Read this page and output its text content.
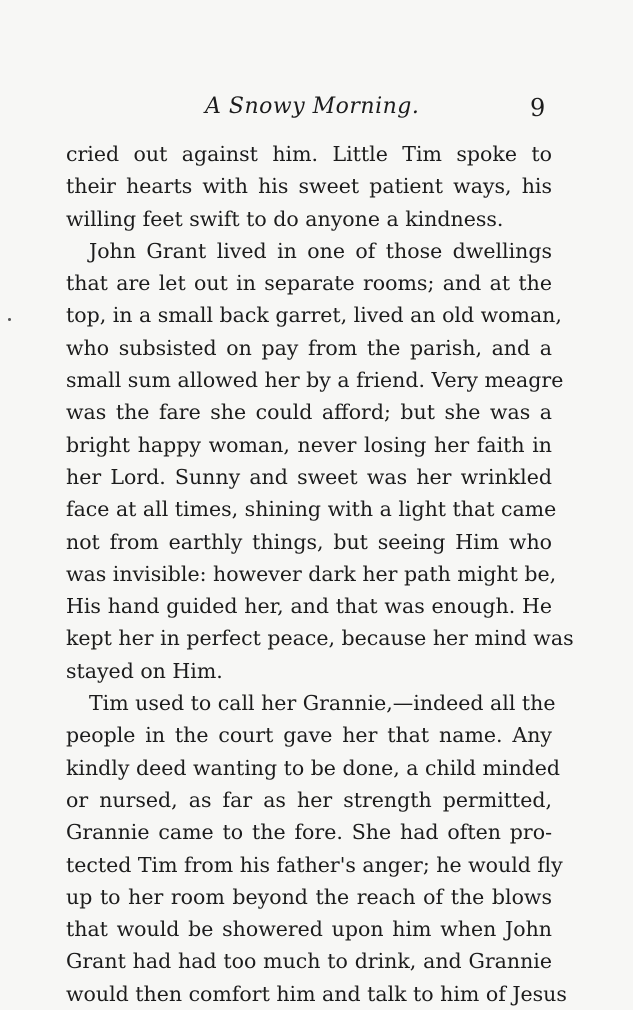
A Snowy Morning.	9
cried out against him. Little Tim spoke to
their hearts with his sweet patient ways, his
willing feet swift to do anyone a kindness.
John Grant lived in one of those dwellings
that are let out in separate rooms; and at the
top, in a small back garret, lived an old woman,
who subsisted on pay from the parish, and a
small sum allowed her by a friend. Very meagre
was the fare she could afford; but she was a
bright happy woman, never losing her faith in
her Lord. Sunny and sweet was her wrinkled
face at all times, shining with a light that came
not from earthly things, but seeing Him who
was invisible: however dark her path might be,
His hand guided her, and that was enough. He
kept her in perfect peace, because her mind was
stayed on Him.
Tim used to call her Grannie,—indeed all the
people in the court gave her that name. Any
kindly deed wanting to be done, a child minded
or nursed, as far as her strength permitted,
Grannie came to the fore. She had often pro-
tected Tim from his father's anger; he would fly
up to her room beyond the reach of the blows
that would be showered upon him when John
Grant had had too much to drink, and Grannie
would then comfort him and talk to him of Jesus
